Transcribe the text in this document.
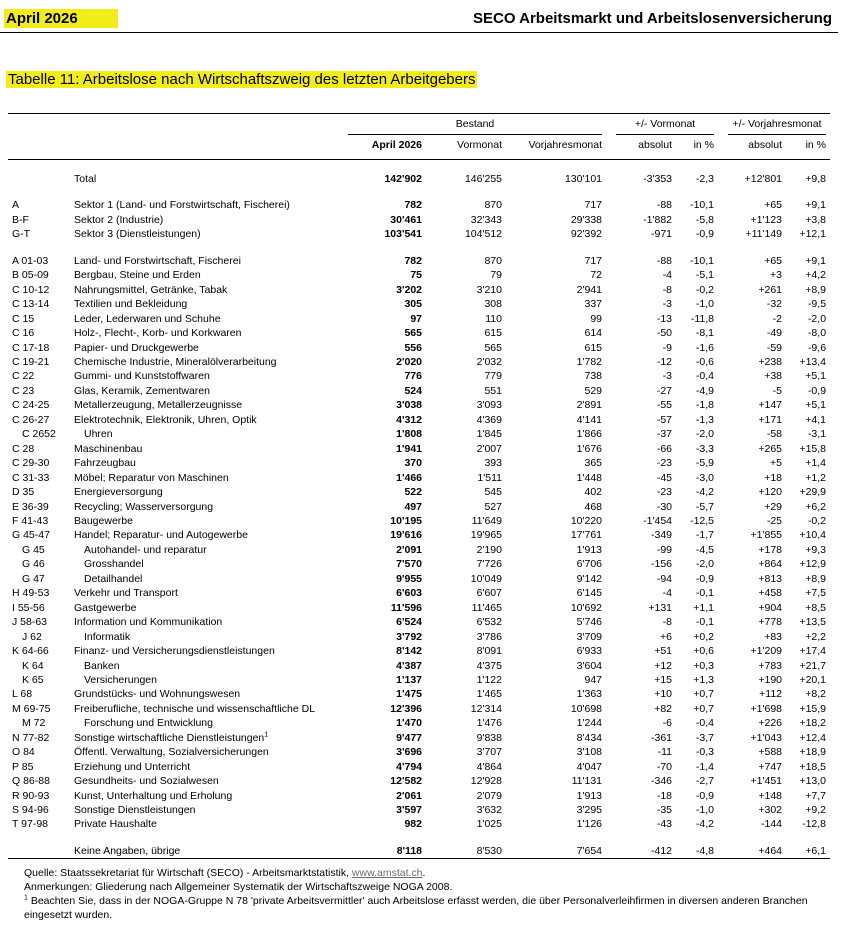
April 2026	SECO Arbeitsmarkt und Arbeitslosenversicherung
Tabelle 11: Arbeitslose nach Wirtschaftszweig des letzten Arbeitgebers

		Bestand			+/- Vormonat		+/- Vorjahresmonat	

		April 2026	Vormonat	Vorjahresmonat	absolut	in %	absolut	in %

	Total	142'902	146'255	130'101	-3'353	-2,3	+12'801	+9,8

A	Sektor 1 (Land- und Forstwirtschaft, Fischerei)	782	870	717	-88	-10,1	+65	+9,1
B-F	Sektor 2 (Industrie)	30'461	32'343	29'338	-1'882	-5,8	+1'123	+3,8
G-T	Sektor 3 (Dienstleistungen)	103'541	104'512	92'392	-971	-0,9	+11'149	+12,1

A 01-03	Land- und Forstwirtschaft, Fischerei	782	870	717	-88	-10,1	+65	+9,1
B 05-09	Bergbau, Steine und Erden	75	79	72	-4	-5,1	+3	+4,2
C 10-12	Nahrungsmittel, Getränke, Tabak	3'202	3'210	2'941	-8	-0,2	+261	+8,9
C 13-14	Textilien und Bekleidung	305	308	337	-3	-1,0	-32	-9,5
C 15	Leder, Lederwaren und Schuhe	97	110	99	-13	-11,8	-2	-2,0
C 16	Holz-, Flecht-, Korb- und Korkwaren	565	615	614	-50	-8,1	-49	-8,0
C 17-18	Papier- und Druckgewerbe	556	565	615	-9	-1,6	-59	-9,6
C 19-21	Chemische Industrie, Mineralölverarbeitung	2'020	2'032	1'782	-12	-0,6	+238	+13,4
C 22	Gummi- und Kunststoffwaren	776	779	738	-3	-0,4	+38	+5,1
C 23	Glas, Keramik, Zementwaren	524	551	529	-27	-4,9	-5	-0,9
C 24-25	Metallerzeugung, Metallerzeugnisse	3'038	3'093	2'891	-55	-1,8	+147	+5,1
C 26-27	Elektrotechnik, Elektronik, Uhren, Optik	4'312	4'369	4'141	-57	-1,3	+171	+4,1
C 2652	Uhren	1'808	1'845	1'866	-37	-2,0	-58	-3,1
C 28	Maschinenbau	1'941	2'007	1'676	-66	-3,3	+265	+15,8
C 29-30	Fahrzeugbau	370	393	365	-23	-5,9	+5	+1,4
C 31-33	Möbel; Reparatur von Maschinen	1'466	1'511	1'448	-45	-3,0	+18	+1,2
D 35	Energieversorgung	522	545	402	-23	-4,2	+120	+29,9
E 36-39	Recycling; Wasserversorgung	497	527	468	-30	-5,7	+29	+6,2
F 41-43	Baugewerbe	10'195	11'649	10'220	-1'454	-12,5	-25	-0,2
G 45-47	Handel; Reparatur- und Autogewerbe	19'616	19'965	17'761	-349	-1,7	+1'855	+10,4
G 45	Autohandel- und reparatur	2'091	2'190	1'913	-99	-4,5	+178	+9,3
G 46	Grosshandel	7'570	7'726	6'706	-156	-2,0	+864	+12,9
G 47	Detailhandel	9'955	10'049	9'142	-94	-0,9	+813	+8,9
H 49-53	Verkehr und Transport	6'603	6'607	6'145	-4	-0,1	+458	+7,5
I 55-56	Gastgewerbe	11'596	11'465	10'692	+131	+1,1	+904	+8,5
J 58-63	Information und Kommunikation	6'524	6'532	5'746	-8	-0,1	+778	+13,5
J 62	Informatik	3'792	3'786	3'709	+6	+0,2	+83	+2,2
K 64-66	Finanz- und Versicherungsdienstleistungen	8'142	8'091	6'933	+51	+0,6	+1'209	+17,4
K 64	Banken	4'387	4'375	3'604	+12	+0,3	+783	+21,7
K 65	Versicherungen	1'137	1'122	947	+15	+1,3	+190	+20,1
L 68	Grundstücks- und Wohnungswesen	1'475	1'465	1'363	+10	+0,7	+112	+8,2
M 69-75	Freiberufliche, technische und wissenschaftliche DL	12'396	12'314	10'698	+82	+0,7	+1'698	+15,9
M 72	Forschung und Entwicklung	1'470	1'476	1'244	-6	-0,4	+226	+18,2
N 77-82	Sonstige wirtschaftliche Dienstleistungen$^1$	9'477	9'838	8'434	-361	-3,7	+1'043	+12,4
O 84	Öffentl. Verwaltung, Sozialversicherungen	3'696	3'707	3'108	-11	-0,3	+588	+18,9
P 85	Erziehung und Unterricht	4'794	4'864	4'047	-70	-1,4	+747	+18,5
Q 86-88	Gesundheits- und Sozialwesen	12'582	12'928	11'131	-346	-2,7	+1'451	+13,0
R 90-93	Kunst, Unterhaltung und Erholung	2'061	2'079	1'913	-18	-0,9	+148	+7,7
S 94-96	Sonstige Dienstleistungen	3'597	3'632	3'295	-35	-1,0	+302	+9,2
T 97-98	Private Haushalte	982	1'025	1'126	-43	-4,2	-144	-12,8

	Keine Angaben, übrige	8'118	8'530	7'654	-412	-4,8	+464	+6,1
Quelle: Staatssekretariat für Wirtschaft (SECO) - Arbeitsmarktstatistik, www.amstat.ch.
Anmerkungen: Gliederung nach Allgemeiner Systematik der Wirtschaftszweige NOGA 2008.
$^1$ Beachten Sie, dass in der NOGA-Gruppe N 78 'private Arbeitsvermittler' auch Arbeitslose erfasst werden, die über Personalverleihfirmen in diversen anderen Branchen eingesetzt wurden.
